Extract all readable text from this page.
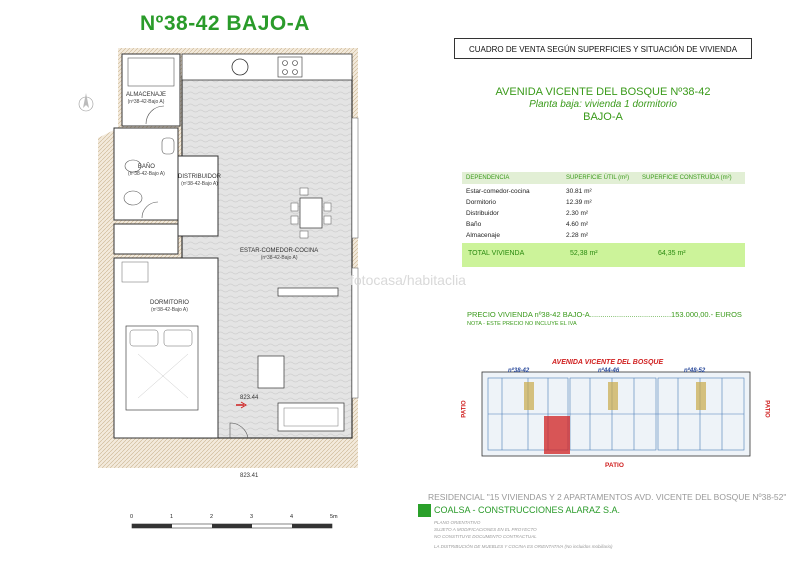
Nº38-42 BAJO-A
ALMACENAJE
(nº38-42-Bajo A)
BAÑO
(nº38-42-Bajo A) DISTRIBUIDOR
(nº38-42-Bajo A)
ESTAR-COMEDOR-COCINA
(nº38-42-Bajo A)
DORMITORIO
(nº38-42-Bajo A)
823.44
823.41
fotocasa/habitaclia
CUADRO DE VENTA SEGÚN SUPERFICIES Y SITUACIÓN DE VIVIENDA
AVENIDA VICENTE DEL BOSQUE Nº38-42
Planta baja: vivienda 1 dormitorio
BAJO-A
DEPENDENCIA	SUPERFICIE ÚTIL (m²) SUPERFICIE CONSTRUÍDA (m²)
Estar-comedor-cocina	30.81 m²
Dormitorio	12.39 m²
Distribuidor	2.30 m²
Baño	4.60 m²
Almacenaje	2.28 m²
TOTAL VIVIENDA	52,38 m²	64,35 m²
PRECIO VIVIENDA nº38-42 BAJO-A.......................................153.000,00.- EUROS
NOTA - ESTE PRECIO NO INCLUYE EL IVA
AVENIDA VICENTE DEL BOSQUE
nº38-42	nº44-46	nº48-52
PATIO	PATIO
PATIO
0	1	2	3	4	5m
RESIDENCIAL "15 VIVIENDAS Y 2 APARTAMENTOS AVD. VICENTE DEL BOSQUE Nº38-52"
COALSA - CONSTRUCCIONES ALARAZ S.A.
PLANO ORIENTATIVO
SUJETO A MODIFICACIONES EN EL PROYECTO
NO CONSTITUYE DOCUMENTO CONTRACTUAL
LA DISTRIBUCIÓN DE MUEBLES Y COCINA ES ORIENTATIVA (No incluidos mobiliario)
